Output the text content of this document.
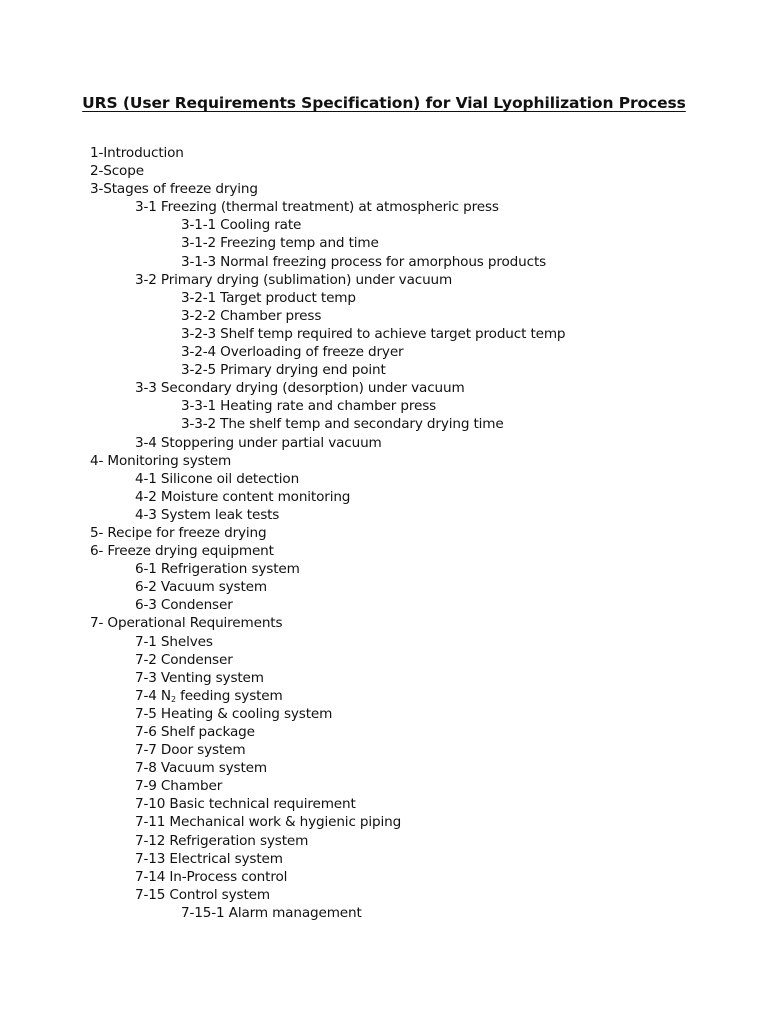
URS (User Requirements Specification) for Vial Lyophilization Process
1-Introduction
2-Scope
3-Stages of freeze drying
3-1 Freezing (thermal treatment) at atmospheric press
3-1-1 Cooling rate
3-1-2 Freezing temp and time
3-1-3 Normal freezing process for amorphous products
3-2 Primary drying (sublimation) under vacuum
3-2-1 Target product temp
3-2-2 Chamber press
3-2-3 Shelf temp required to achieve target product temp
3-2-4 Overloading of freeze dryer
3-2-5 Primary drying end point
3-3 Secondary drying (desorption) under vacuum
3-3-1 Heating rate and chamber press
3-3-2 The shelf temp and secondary drying time
3-4 Stoppering under partial vacuum
4- Monitoring system
4-1 Silicone oil detection
4-2 Moisture content monitoring
4-3 System leak tests
5- Recipe for freeze drying
6- Freeze drying equipment
6-1 Refrigeration system
6-2 Vacuum system
6-3 Condenser
7- Operational Requirements
7-1 Shelves
7-2 Condenser
7-3 Venting system
7-4 $N_2$ feeding system
7-5 Heating & cooling system
7-6 Shelf package
7-7 Door system
7-8 Vacuum system
7-9 Chamber
7-10 Basic technical requirement
7-11 Mechanical work & hygienic piping
7-12 Refrigeration system
7-13 Electrical system
7-14 In-Process control
7-15 Control system
7-15-1 Alarm management
